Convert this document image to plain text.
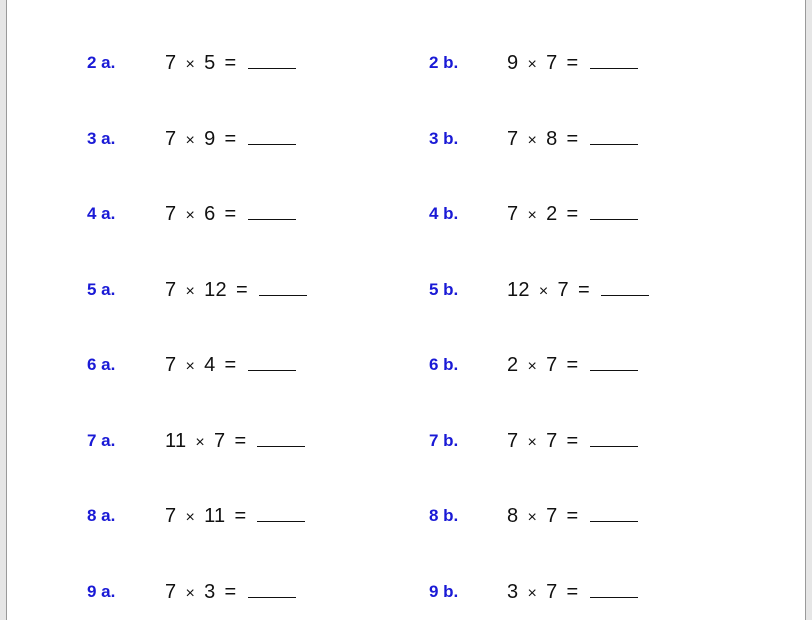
2 a. 7 × 5 =	2 b. 9 × 7 =
3 a. 7 × 9 =	3 b. 7 × 8 =
4 a. 7 × 6 =	4 b. 7 × 2 =
5 a. 7 × 12 =	5 b. 12 × 7 =
6 a. 7 × 4 =	6 b. 2 × 7 =
7 a. 11 × 7 =	7 b. 7 × 7 =
8 a. 7 × 11 =	8 b. 8 × 7 =
9 a. 7 × 3 =	9 b. 3 × 7 =
